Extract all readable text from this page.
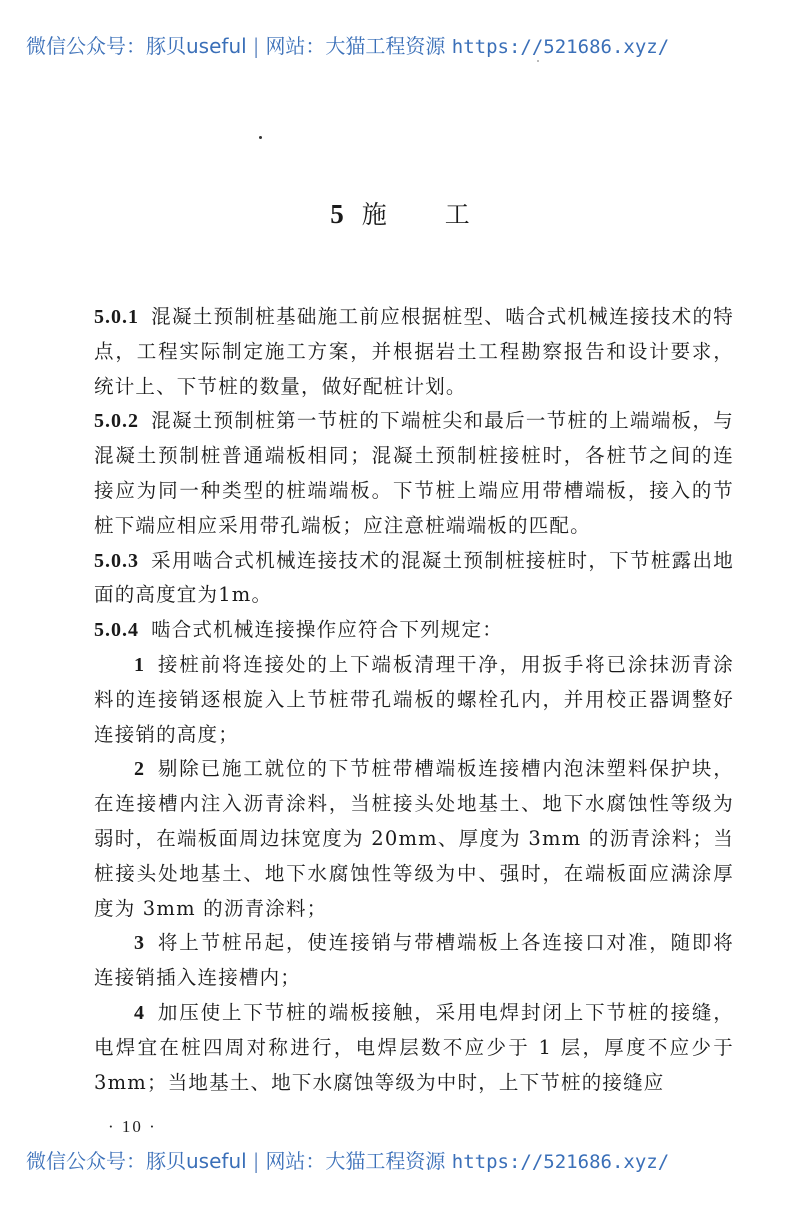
微信公众号：豚贝useful | 网站：大猫工程资源 https://521686.xyz/
5 施 工

5.0.1 混凝土预制桩基础施工前应根据桩型、啮合式机械连接技术的特点，工程实际制定施工方案，并根据岩土工程勘察报告和设计要求，统计上、下节桩的数量，做好配桩计划。

5.0.2 混凝土预制桩第一节桩的下端桩尖和最后一节桩的上端端板，与混凝土预制桩普通端板相同；混凝土预制桩接桩时，各桩节之间的连接应为同一种类型的桩端端板。下节桩上端应用带槽端板，接入的节桩下端应相应采用带孔端板；应注意桩端端板的匹配。

5.0.3 采用啮合式机械连接技术的混凝土预制桩接桩时，下节桩露出地面的高度宜为1m。

5.0.4 啮合式机械连接操作应符合下列规定：

1 接桩前将连接处的上下端板清理干净，用扳手将已涂抹沥青涂料的连接销逐根旋入上节桩带孔端板的螺栓孔内，并用校正器调整好连接销的高度；

2 剔除已施工就位的下节桩带槽端板连接槽内泡沫塑料保护块，在连接槽内注入沥青涂料，当桩接头处地基土、地下水腐蚀性等级为弱时，在端板面周边抹宽度为 20mm、厚度为 3mm 的沥青涂料；当桩接头处地基土、地下水腐蚀性等级为中、强时，在端板面应满涂厚度为 3mm 的沥青涂料；

3 将上节桩吊起，使连接销与带槽端板上各连接口对准，随即将连接销插入连接槽内；

4 加压使上下节桩的端板接触，采用电焊封闭上下节桩的接缝，电焊宜在桩四周对称进行，电焊层数不应少于 1 层，厚度不应少于 3mm；当地基土、地下水腐蚀等级为中时，上下节桩的接缝应

· 10 ·
微信公众号：豚贝useful | 网站：大猫工程资源 https://521686.xyz/
